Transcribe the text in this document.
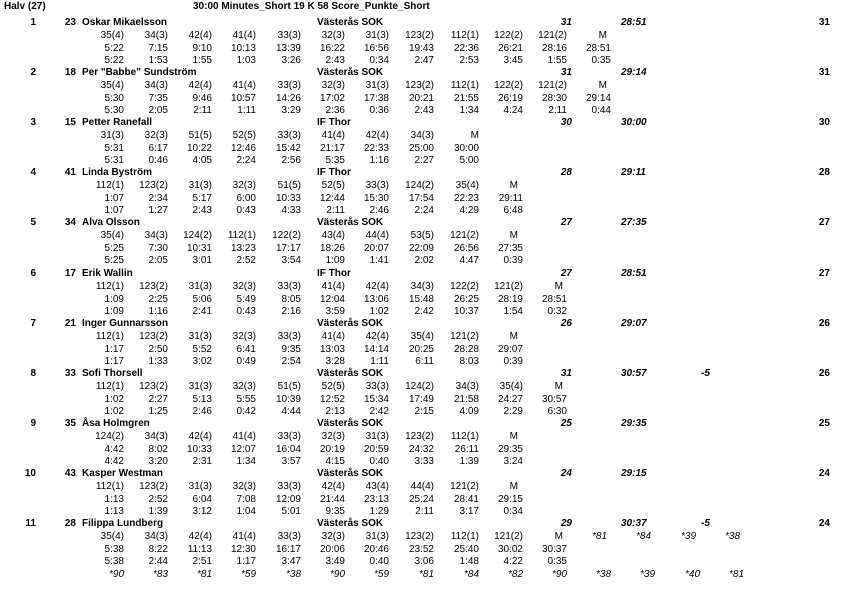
Halv (27)	30:00 Minutes_Short 19 K 58 Score_Punkte_Short
1	23 Oskar Mikaelsson	Västerås SOK	31	28:51	31
35(4)	34(3)	42(4)	41(4)	33(3)	32(3)	31(3)	123(2)	112(1)	122(2)	121(2)	M
5:22	7:15	9:10	10:13	13:39	16:22	16:56	19:43	22:36	26:21	28:16	28:51
5:22	1:53	1:55	1:03	3:26	2:43	0:34	2:47	2:53	3:45	1:55	0:35
2	18 Per "Babbe" Sundström	Västerås SOK	31	29:14	31
35(4)	34(3)	42(4)	41(4)	33(3)	32(3)	31(3)	123(2)	112(1)	122(2)	121(2)	M
5:30	7:35	9:46	10:57	14:26	17:02	17:38	20:21	21:55	26:19	28:30	29:14
5:30	2:05	2:11	1:11	3:29	2:36	0:36	2:43	1:34	4:24	2:11	0:44
3	15 Petter Ranefall	IF Thor	30	30:00	30
31(3)	32(3)	51(5)	52(5)	33(3)	41(4)	42(4)	34(3)	M
5:31	6:17	10:22	12:46	15:42	21:17	22:33	25:00	30:00
5:31	0:46	4:05	2:24	2:56	5:35	1:16	2:27	5:00
4	41 Linda Byström	IF Thor	28	29:11	28
112(1)	123(2)	31(3)	32(3)	51(5)	52(5)	33(3)	124(2)	35(4)	M
1:07	2:34	5:17	6:00	10:33	12:44	15:30	17:54	22:23	29:11
1:07	1:27	2:43	0:43	4:33	2:11	2:46	2:24	4:29	6:48
5	34 Alva Olsson	Västerås SOK	27	27:35	27
35(4)	34(3)	124(2)	112(1)	122(2)	43(4)	44(4)	53(5)	121(2)	M
5:25	7:30	10:31	13:23	17:17	18:26	20:07	22:09	26:56	27:35
5:25	2:05	3:01	2:52	3:54	1:09	1:41	2:02	4:47	0:39
6	17 Erik Wallin	IF Thor	27	28:51	27
112(1)	123(2)	31(3)	32(3)	33(3)	41(4)	42(4)	34(3)	122(2)	121(2)	M
1:09	2:25	5:06	5:49	8:05	12:04	13:06	15:48	26:25	28:19	28:51
1:09	1:16	2:41	0:43	2:16	3:59	1:02	2:42	10:37	1:54	0:32
7	21 Inger Gunnarsson	Västerås SOK	26	29:07	26
112(1)	123(2)	31(3)	32(3)	33(3)	41(4)	42(4)	35(4)	121(2)	M
1:17	2:50	5:52	6:41	9:35	13:03	14:14	20:25	28:28	29:07
1:17	1:33	3:02	0:49	2:54	3:28	1:11	6:11	8:03	0:39
8	33 Sofi Thorsell	Västerås SOK	31	30:57	-5	26
112(1)	123(2)	31(3)	32(3)	51(5)	52(5)	33(3)	124(2)	34(3)	35(4)	M
1:02	2:27	5:13	5:55	10:39	12:52	15:34	17:49	21:58	24:27	30:57
1:02	1:25	2:46	0:42	4:44	2:13	2:42	2:15	4:09	2:29	6:30
9	35 Åsa Holmgren	Västerås SOK	25	29:35	25
124(2)	34(3)	42(4)	41(4)	33(3)	32(3)	31(3)	123(2)	112(1)	M
4:42	8:02	10:33	12:07	16:04	20:19	20:59	24:32	26:11	29:35
4:42	3:20	2:31	1:34	3:57	4:15	0:40	3:33	1:39	3:24
10	43 Kasper Westman	Västerås SOK	24	29:15	24
112(1)	123(2)	31(3)	32(3)	33(3)	42(4)	43(4)	44(4)	121(2)	M
1:13	2:52	6:04	7:08	12:09	21:44	23:13	25:24	28:41	29:15
1:13	1:39	3:12	1:04	5:01	9:35	1:29	2:11	3:17	0:34
11	28 Filippa Lundberg	Västerås SOK	29	30:37	-5	24
35(4)	34(3)	42(4)	41(4)	33(3)	32(3)	31(3)	123(2)	112(1)	121(2)	M	*81	*84	*39	*38
5:38	8:22	11:13	12:30	16:17	20:06	20:46	23:52	25:40	30:02	30:37
5:38	2:44	2:51	1:17	3:47	3:49	0:40	3:06	1:48	4:22	0:35
*90	*83	*81	*59	*38	*90	*59	*81	*84	*82	*90	*38	*39	*40	*81
